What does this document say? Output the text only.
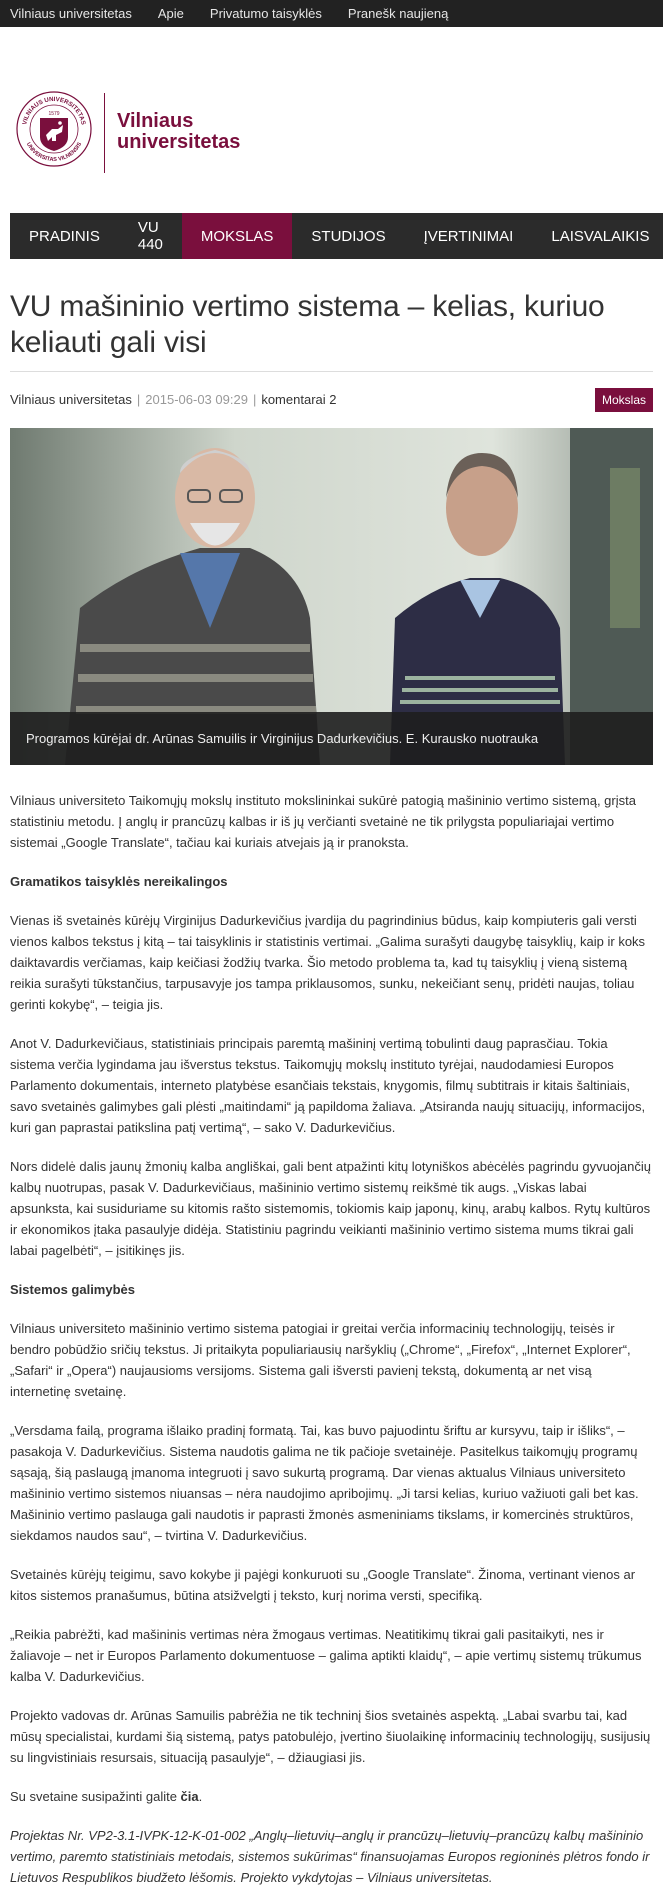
Vilniaus universitetas Apie Privatumo taisyklės Pranešk naujieną
VILNIAUS UNIVERSITETAS
UNIVERSITAS VILNENSIS
1579	Vilniaus
universitetas
PRADINIS	VU 440	MOKSLAS	STUDIJOS	ĮVERTINIMAI	LAISVALAIKIS
VU mašininio vertimo sistema – kelias, kuriuo keliauti gali visi
Vilniaus universitetas | 2015-06-03 09:29 | komentarai 2	Mokslas
Programos kūrėjai dr. Arūnas Samuilis ir Virginijus Dadurkevičius. E. Kurausko nuotrauka

Vilniaus universiteto Taikomųjų mokslų instituto mokslininkai sukūrė patogią mašininio vertimo sistemą, grįsta statistiniu metodu. Į anglų ir prancūzų kalbas ir iš jų verčianti svetainė ne tik prilygsta populiariajai vertimo sistemai „Google Translate“, tačiau kai kuriais atvejais ją ir pranoksta.

Gramatikos taisyklės nereikalingos

Vienas iš svetainės kūrėjų Virginijus Dadurkevičius įvardija du pagrindinius būdus, kaip kompiuteris gali versti vienos kalbos tekstus į kitą – tai taisyklinis ir statistinis vertimai. „Galima surašyti daugybę taisyklių, kaip ir koks daiktavardis verčiamas, kaip keičiasi žodžių tvarka. Šio metodo problema ta, kad tų taisyklių į vieną sistemą reikia surašyti tūkstančius, tarpusavyje jos tampa priklausomos, sunku, nekeičiant senų, pridėti naujas, toliau gerinti kokybę“, – teigia jis.

Anot V. Dadurkevičiaus, statistiniais principais paremtą mašininį vertimą tobulinti daug paprasčiau. Tokia sistema verčia lygindama jau išverstus tekstus. Taikomųjų mokslų instituto tyrėjai, naudodamiesi Europos Parlamento dokumentais, interneto platybėse esančiais tekstais, knygomis, filmų subtitrais ir kitais šaltiniais, savo svetainės galimybes gali plėsti „maitindami“ ją papildoma žaliava. „Atsiranda naujų situacijų, informacijos, kuri gan paprastai patikslina patį vertimą“, – sako V. Dadurkevičius.

Nors didelė dalis jaunų žmonių kalba angliškai, gali bent atpažinti kitų lotyniškos abėcėlės pagrindu gyvuojančių kalbų nuotrupas, pasak V. Dadurkevičiaus, mašininio vertimo sistemų reikšmė tik augs. „Viskas labai apsunksta, kai susiduriame su kitomis rašto sistemomis, tokiomis kaip japonų, kinų, arabų kalbos. Rytų kultūros ir ekonomikos įtaka pasaulyje didėja. Statistiniu pagrindu veikianti mašininio vertimo sistema mums tikrai gali labai pagelbėti“, – įsitikinęs jis.

Sistemos galimybės

Vilniaus universiteto mašininio vertimo sistema patogiai ir greitai verčia informacinių technologijų, teisės ir bendro pobūdžio sričių tekstus. Ji pritaikyta populiariausių naršyklių („Chrome“, „Firefox“, „Internet Explorer“, „Safari“ ir „Opera“) naujausioms versijoms. Sistema gali išversti pavienį tekstą, dokumentą ar net visą internetinę svetainę.

„Versdama failą, programa išlaiko pradinį formatą. Tai, kas buvo pajuodintu šriftu ar kursyvu, taip ir išliks“, – pasakoja V. Dadurkevičius. Sistema naudotis galima ne tik pačioje svetainėje. Pasitelkus taikomųjų programų sąsają, šią paslaugą įmanoma integruoti į savo sukurtą programą. Dar vienas aktualus Vilniaus universiteto mašininio vertimo sistemos niuansas – nėra naudojimo apribojimų. „Ji tarsi kelias, kuriuo važiuoti gali bet kas. Mašininio vertimo paslauga gali naudotis ir paprasti žmonės asmeniniams tikslams, ir komercinės struktūros, siekdamos naudos sau“, – tvirtina V. Dadurkevičius.

Svetainės kūrėjų teigimu, savo kokybe ji pajėgi konkuruoti su „Google Translate“. Žinoma, vertinant vienos ar kitos sistemos pranašumus, būtina atsižvelgti į teksto, kurį norima versti, specifiką.

„Reikia pabrėžti, kad mašininis vertimas nėra žmogaus vertimas. Neatitikimų tikrai gali pasitaikyti, nes ir žaliavoje – net ir Europos Parlamento dokumentuose – galima aptikti klaidų“, – apie vertimų sistemų trūkumus kalba V. Dadurkevičius.

Projekto vadovas dr. Arūnas Samuilis pabrėžia ne tik techninį šios svetainės aspektą. „Labai svarbu tai, kad mūsų specialistai, kurdami šią sistemą, patys patobulėjo, įvertino šiuolaikinę informacinių technologijų, susijusių su lingvistiniais resursais, situaciją pasaulyje“, – džiaugiasi jis.

Su svetaine susipažinti galite čia.

Projektas Nr. VP2-3.1-IVPK-12-K-01-002 „Anglų–lietuvių–anglų ir prancūzų–lietuvių–prancūzų kalbų mašininio vertimo, paremto statistiniais metodais, sistemos sukūrimas“ finansuojamas Europos regioninės plėtros fondo ir Lietuvos Respublikos biudžeto lėšomis. Projekto vykdytojas – Vilniaus universitetas.
